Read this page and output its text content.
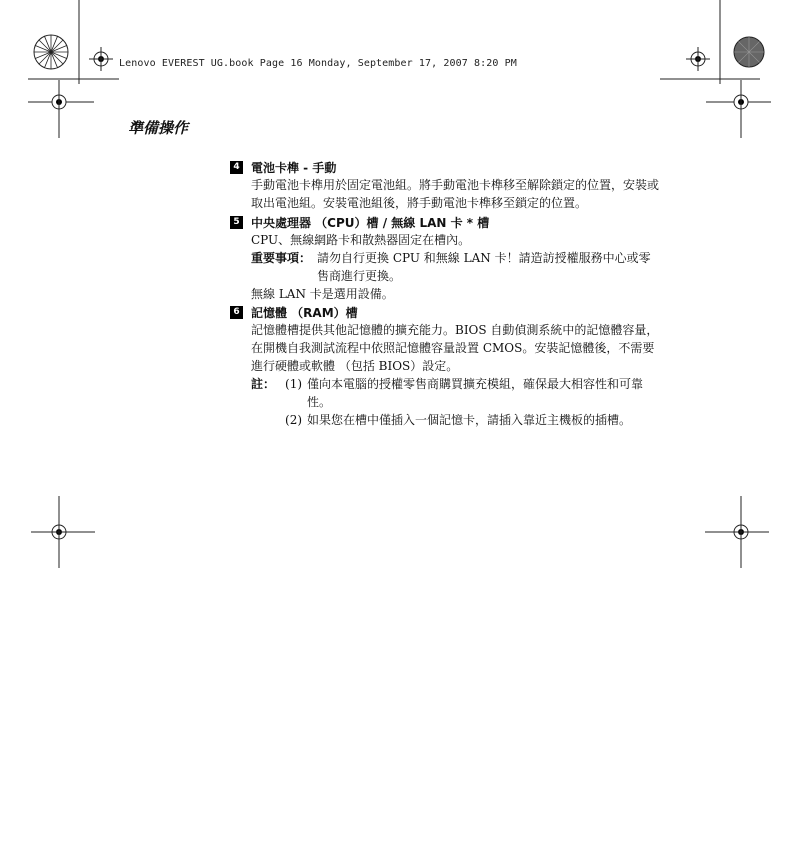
Lenovo EVEREST UG.book Page 16 Monday, September 17, 2007 8:20 PM
準備操作
4 電池卡榫 - 手動

手動電池卡榫用於固定電池組。將手動電池卡榫移至解除鎖定的位置，安裝或取出電池組。安裝電池組後，將手動電池卡榫移至鎖定的位置。

5 中央處理器 （CPU）槽 / 無線 LAN 卡 * 槽

CPU、無線網路卡和散熱器固定在槽內。

重要事項： 請勿自行更換 CPU 和無線 LAN 卡！請造訪授權服務中心或零售商進行更換。

無線 LAN 卡是選用設備。

6 記憶體 （RAM）槽

記憶體槽提供其他記憶體的擴充能力。BIOS 自動偵測系統中的記憶體容量，在開機自我測試流程中依照記憶體容量設置 CMOS。安裝記憶體後，不需要進行硬體或軟體 （包括 BIOS）設定。

註： (1) 僅向本電腦的授權零售商購買擴充模組，確保最大相容性和可靠性。
(2) 如果您在槽中僅插入一個記憶卡，請插入靠近主機板的插槽。
